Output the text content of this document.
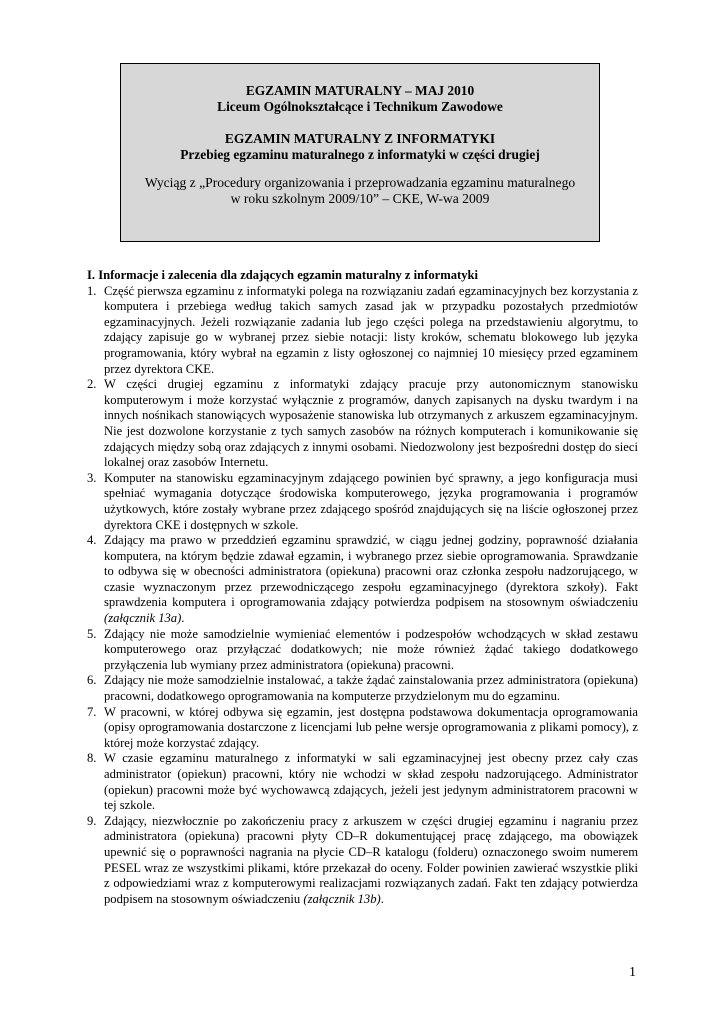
EGZAMIN MATURALNY – MAJ 2010
Liceum Ogólnokształcące i Technikum Zawodowe
EGZAMIN MATURALNY Z INFORMATYKI
Przebieg egzaminu maturalnego z informatyki w części drugiej
Wyciąg z „Procedury organizowania i przeprowadzania egzaminu maturalnego
w roku szkolnym 2009/10” – CKE, W-wa 2009

I. Informacje i zalecenia dla zdających egzamin maturalny z informatyki

1. Część pierwsza egzaminu z informatyki polega na rozwiązaniu zadań egzaminacyjnych bez korzystania z komputera i przebiega według takich samych zasad jak w przypadku pozostałych przedmiotów egzaminacyjnych. Jeżeli rozwiązanie zadania lub jego części polega na przedstawieniu algorytmu, to zdający zapisuje go w wybranej przez siebie notacji: listy kroków, schematu blokowego lub języka programowania, który wybrał na egzamin z listy ogłoszonej co najmniej 10 miesięcy przed egzaminem przez dyrektora CKE.
2. W części drugiej egzaminu z informatyki zdający pracuje przy autonomicznym stanowisku komputerowym i może korzystać wyłącznie z programów, danych zapisanych na dysku twardym i na innych nośnikach stanowiących wyposażenie stanowiska lub otrzymanych z arkuszem egzaminacyjnym. Nie jest dozwolone korzystanie z tych samych zasobów na różnych komputerach i komunikowanie się zdających między sobą oraz zdających z innymi osobami. Niedozwolony jest bezpośredni dostęp do sieci lokalnej oraz zasobów Internetu.
3. Komputer na stanowisku egzaminacyjnym zdającego powinien być sprawny, a jego konfiguracja musi spełniać wymagania dotyczące środowiska komputerowego, języka programowania i programów użytkowych, które zostały wybrane przez zdającego spośród znajdujących się na liście ogłoszonej przez dyrektora CKE i dostępnych w szkole.
4. Zdający ma prawo w przeddzień egzaminu sprawdzić, w ciągu jednej godziny, poprawność działania komputera, na którym będzie zdawał egzamin, i wybranego przez siebie oprogramowania. Sprawdzanie to odbywa się w obecności administratora (opiekuna) pracowni oraz członka zespołu nadzorującego, w czasie wyznaczonym przez przewodniczącego zespołu egzaminacyjnego (dyrektora szkoły). Fakt sprawdzenia komputera i oprogramowania zdający potwierdza podpisem na stosownym oświadczeniu (załącznik 13a).
5. Zdający nie może samodzielnie wymieniać elementów i podzespołów wchodzących w skład zestawu komputerowego oraz przyłączać dodatkowych; nie może również żądać takiego dodatkowego przyłączenia lub wymiany przez administratora (opiekuna) pracowni.
6. Zdający nie może samodzielnie instalować, a także żądać zainstalowania przez administratora (opiekuna) pracowni, dodatkowego oprogramowania na komputerze przydzielonym mu do egzaminu.
7. W pracowni, w której odbywa się egzamin, jest dostępna podstawowa dokumentacja oprogramowania (opisy oprogramowania dostarczone z licencjami lub pełne wersje oprogramowania z plikami pomocy), z której może korzystać zdający.
8. W czasie egzaminu maturalnego z informatyki w sali egzaminacyjnej jest obecny przez cały czas administrator (opiekun) pracowni, który nie wchodzi w skład zespołu nadzorującego. Administrator (opiekun) pracowni może być wychowawcą zdających, jeżeli jest jedynym administratorem pracowni w tej szkole.
9. Zdający, niezwłocznie po zakończeniu pracy z arkuszem w części drugiej egzaminu i nagraniu przez administratora (opiekuna) pracowni płyty CD–R dokumentującej pracę zdającego, ma obowiązek upewnić się o poprawności nagrania na płycie CD–R katalogu (folderu) oznaczonego swoim numerem PESEL wraz ze wszystkimi plikami, które przekazał do oceny. Folder powinien zawierać wszystkie pliki z odpowiedziami wraz z komputerowymi realizacjami rozwiązanych zadań. Fakt ten zdający potwierdza podpisem na stosownym oświadczeniu (załącznik 13b).
1
